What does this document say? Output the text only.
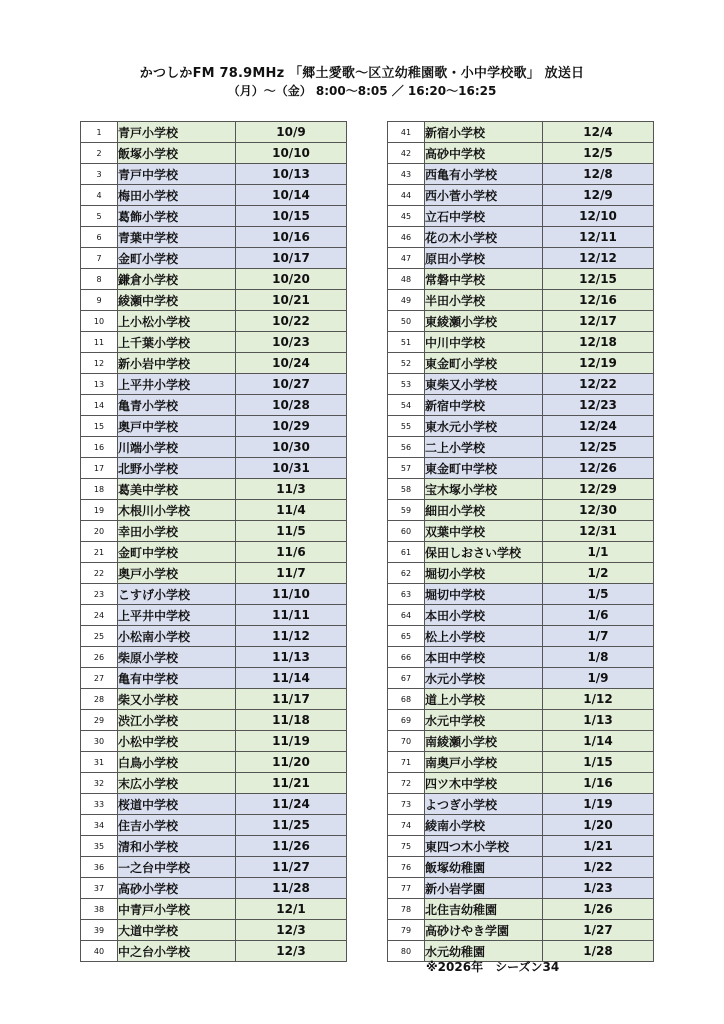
かつしかFM 78.9MHz 「郷土愛歌～区立幼稚園歌・小中学校歌」 放送日
（月）～（金） 8:00～8:05 ／ 16:20～16:25
1	青戸小学校	10/9
2	飯塚小学校	10/10
3	青戸中学校	10/13
4	梅田小学校	10/14
5	葛飾小学校	10/15
6	青葉中学校	10/16
7	金町小学校	10/17
8	鎌倉小学校	10/20
9	綾瀬中学校	10/21
10	上小松小学校	10/22
11	上千葉小学校	10/23
12	新小岩中学校	10/24
13	上平井小学校	10/27
14	亀青小学校	10/28
15	奥戸中学校	10/29
16	川端小学校	10/30
17	北野小学校	10/31
18	葛美中学校	11/3
19	木根川小学校	11/4
20	幸田小学校	11/5
21	金町中学校	11/6
22	奥戸小学校	11/7
23	こすげ小学校	11/10
24	上平井中学校	11/11
25	小松南小学校	11/12
26	柴原小学校	11/13
27	亀有中学校	11/14
28	柴又小学校	11/17
29	渋江小学校	11/18
30	小松中学校	11/19
31	白鳥小学校	11/20
32	末広小学校	11/21
33	桜道中学校	11/24
34	住吉小学校	11/25
35	清和小学校	11/26
36	一之台中学校	11/27
37	高砂小学校	11/28
38	中青戸小学校	12/1
39	大道中学校	12/3
40	中之台小学校	12/3
41	新宿小学校	12/4
42	高砂中学校	12/5
43	西亀有小学校	12/8
44	西小菅小学校	12/9
45	立石中学校	12/10
46	花の木小学校	12/11
47	原田小学校	12/12
48	常磐中学校	12/15
49	半田小学校	12/16
50	東綾瀬小学校	12/17
51	中川中学校	12/18
52	東金町小学校	12/19
53	東柴又小学校	12/22
54	新宿中学校	12/23
55	東水元小学校	12/24
56	二上小学校	12/25
57	東金町中学校	12/26
58	宝木塚小学校	12/29
59	細田小学校	12/30
60	双葉中学校	12/31
61	保田しおさい学校	1/1
62	堀切小学校	1/2
63	堀切中学校	1/5
64	本田小学校	1/6
65	松上小学校	1/7
66	本田中学校	1/8
67	水元小学校	1/9
68	道上小学校	1/12
69	水元中学校	1/13
70	南綾瀬小学校	1/14
71	南奥戸小学校	1/15
72	四ツ木中学校	1/16
73	よつぎ小学校	1/19
74	綾南小学校	1/20
75	東四つ木小学校	1/21
76	飯塚幼稚園	1/22
77	新小岩学園	1/23
78	北住吉幼稚園	1/26
79	高砂けやき学園	1/27
80	水元幼稚園	1/28
※2026年　シーズン34
